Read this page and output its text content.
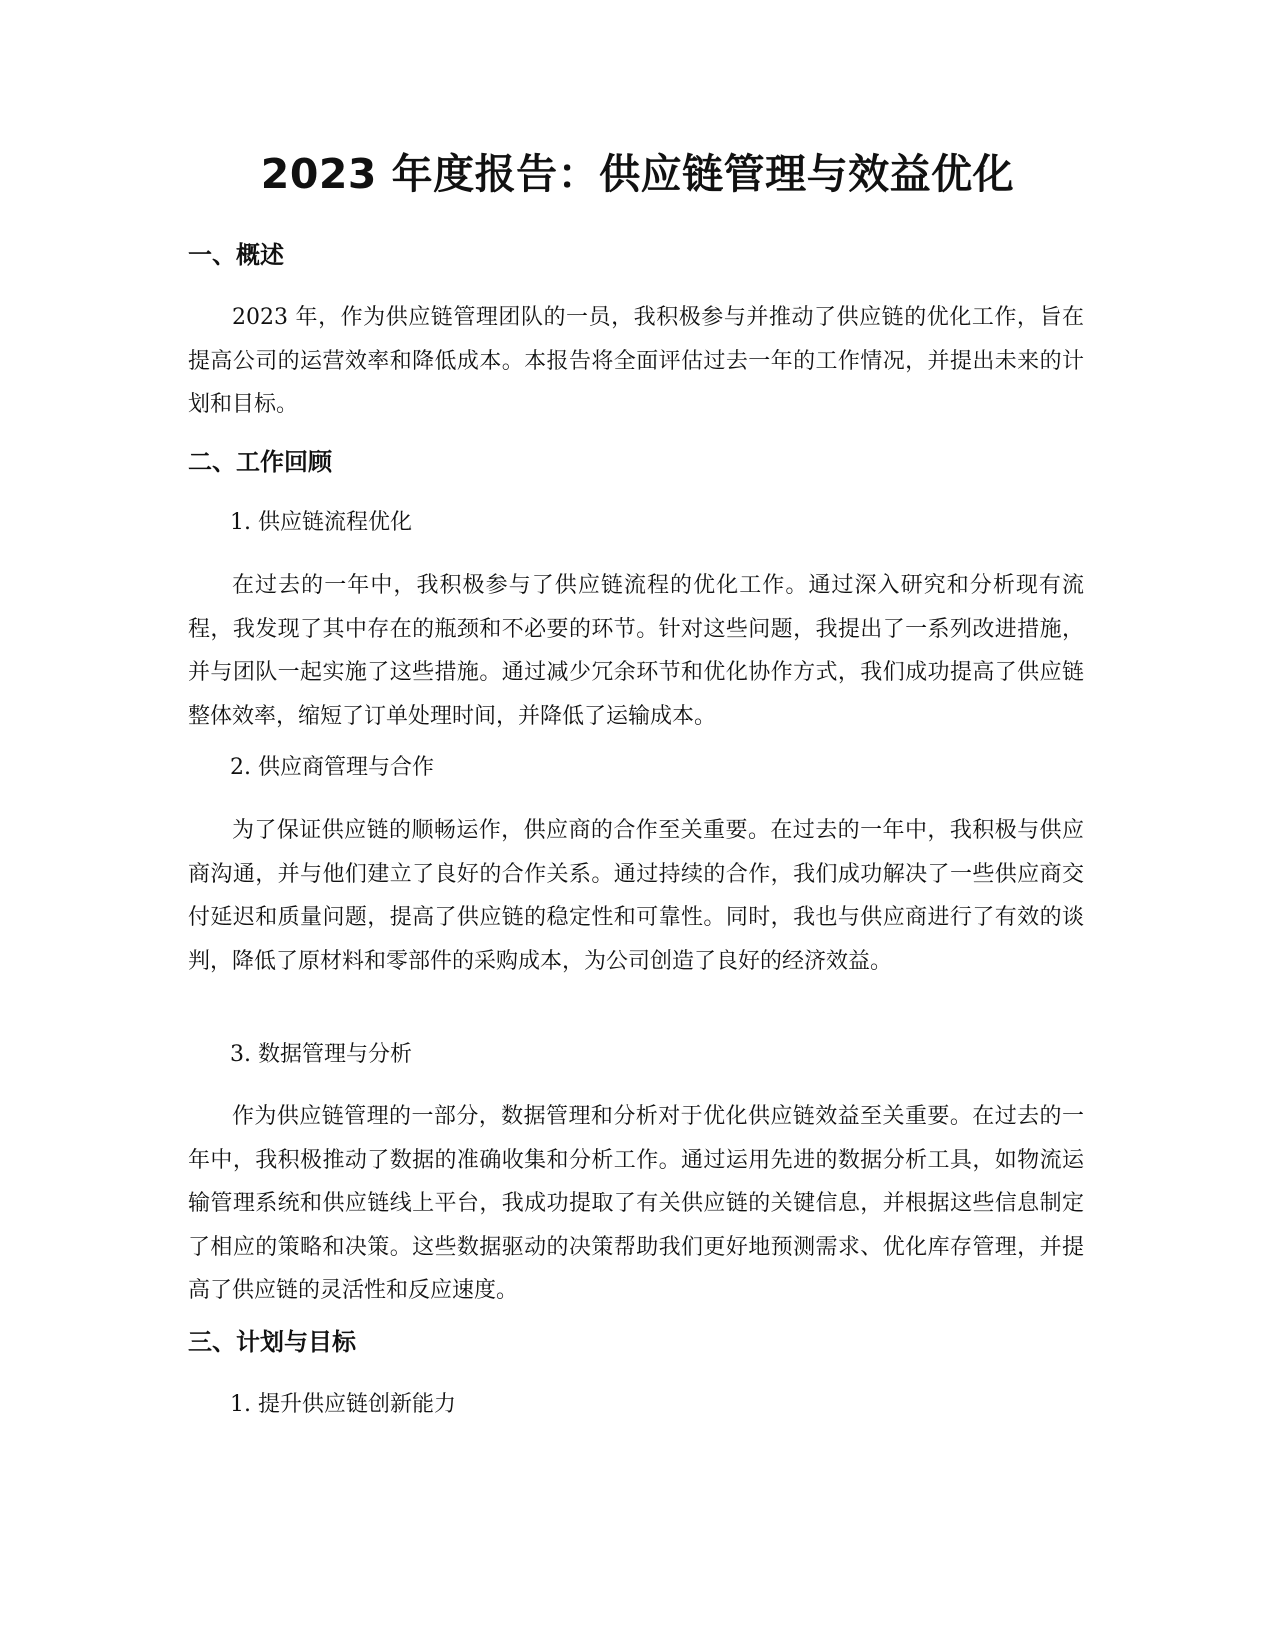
2023 年度报告：供应链管理与效益优化
一、概述

2023 年，作为供应链管理团队的一员，我积极参与并推动了供应链的优化工作，旨在提高公司的运营效率和降低成本。本报告将全面评估过去一年的工作情况，并提出未来的计划和目标。

二、工作回顾
1. 供应链流程优化

在过去的一年中，我积极参与了供应链流程的优化工作。通过深入研究和分析现有流程，我发现了其中存在的瓶颈和不必要的环节。针对这些问题，我提出了一系列改进措施，并与团队一起实施了这些措施。通过减少冗余环节和优化协作方式，我们成功提高了供应链整体效率，缩短了订单处理时间，并降低了运输成本。

2. 供应商管理与合作

为了保证供应链的顺畅运作，供应商的合作至关重要。在过去的一年中，我积极与供应商沟通，并与他们建立了良好的合作关系。通过持续的合作，我们成功解决了一些供应商交付延迟和质量问题，提高了供应链的稳定性和可靠性。同时，我也与供应商进行了有效的谈判，降低了原材料和零部件的采购成本，为公司创造了良好的经济效益。

3. 数据管理与分析

作为供应链管理的一部分，数据管理和分析对于优化供应链效益至关重要。在过去的一年中，我积极推动了数据的准确收集和分析工作。通过运用先进的数据分析工具，如物流运输管理系统和供应链线上平台，我成功提取了有关供应链的关键信息，并根据这些信息制定了相应的策略和决策。这些数据驱动的决策帮助我们更好地预测需求、优化库存管理，并提高了供应链的灵活性和反应速度。

三、计划与目标
1. 提升供应链创新能力
